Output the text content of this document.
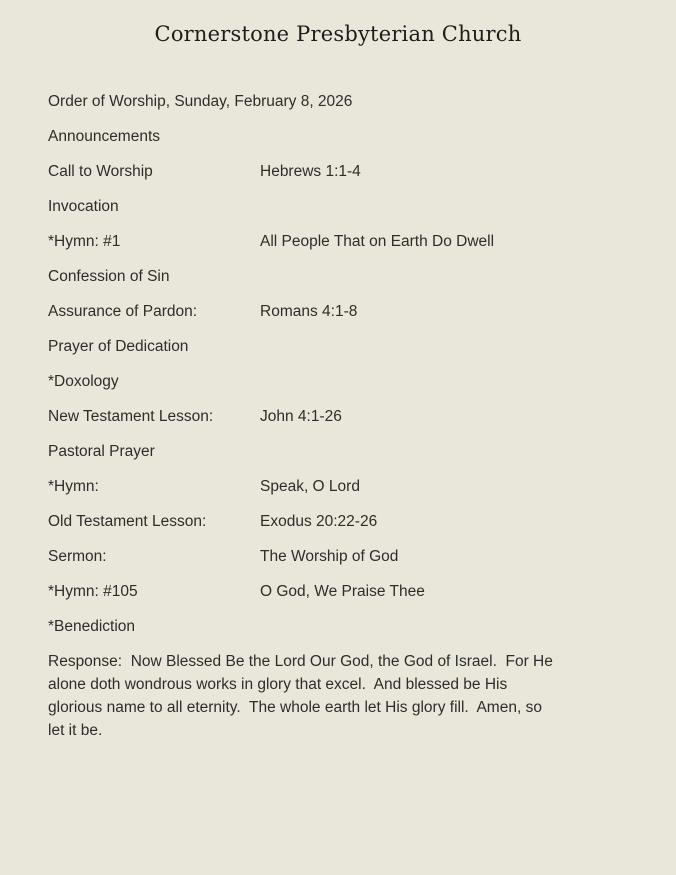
Cornerstone Presbyterian Church

Order of Worship, Sunday, February 8, 2026

Announcements
Call to Worship	Hebrews 1:1-4
Invocation
*Hymn: #1	All People That on Earth Do Dwell
Confession of Sin
Assurance of Pardon:	Romans 4:1-8
Prayer of Dedication
*Doxology
New Testament Lesson:	John 4:1-26
Pastoral Prayer
*Hymn:	Speak, O Lord
Old Testament Lesson:	Exodus 20:22-26
Sermon:	The Worship of God
*Hymn: #105	O God, We Praise Thee
*Benediction

Response:  Now Blessed Be the Lord Our God, the God of Israel.  For He alone doth wondrous works in glory that excel.  And blessed be His glorious name to all eternity.  The whole earth let His glory fill.  Amen, so let it be.
